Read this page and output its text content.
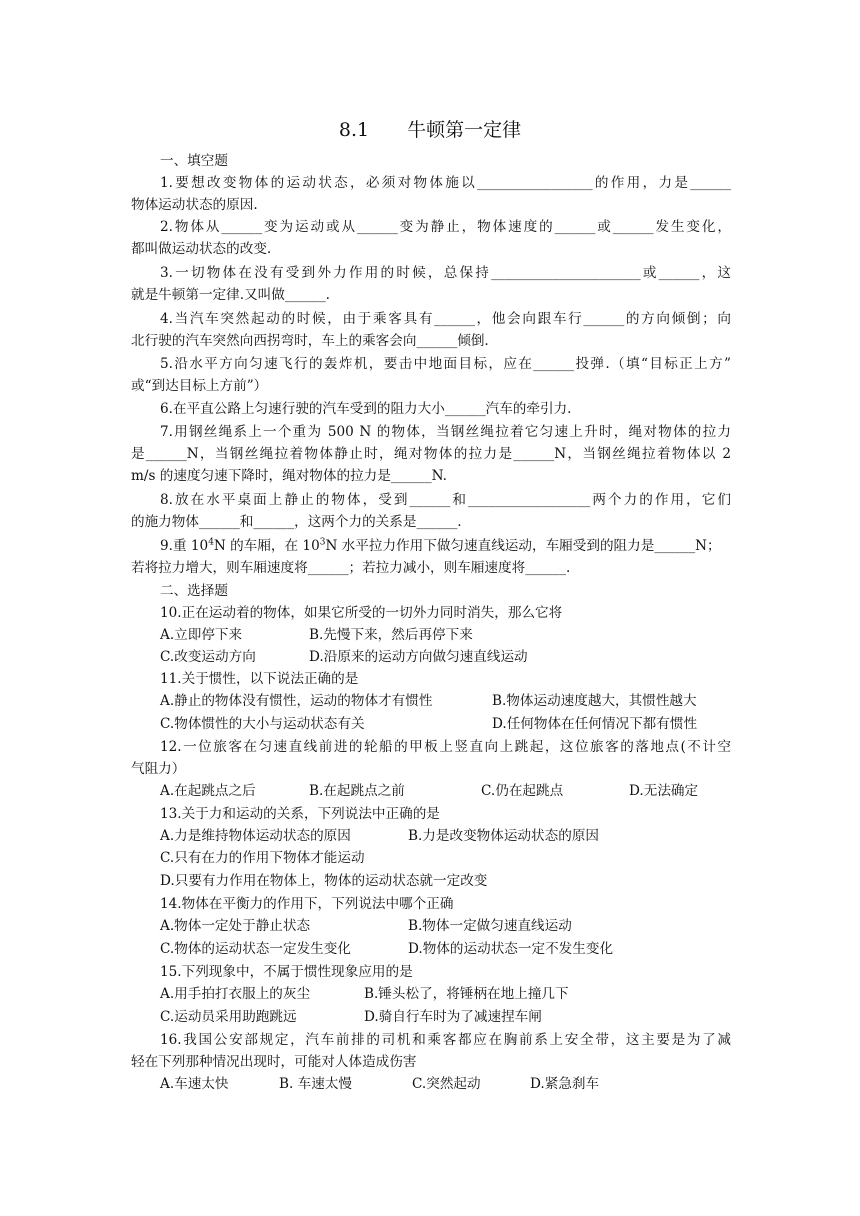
8.1　　牛顿第一定律
一、填空题
1.要想改变物体的运动状态，必须对物体施以_________________的作用，力是______
物体运动状态的原因.
2.物体从______变为运动或从______变为静止，物体速度的______或______发生变化，
都叫做运动状态的改变.
3.一切物体在没有受到外力作用的时候，总保持______________________或______，这
就是牛顿第一定律.又叫做______.
4.当汽车突然起动的时候，由于乘客具有______，他会向跟车行______的方向倾倒；向
北行驶的汽车突然向西拐弯时，车上的乘客会向______倾倒.
5.沿水平方向匀速飞行的轰炸机，要击中地面目标，应在______投弹.（填“目标正上方”
或“到达目标上方前”）
6.在平直公路上匀速行驶的汽车受到的阻力大小______汽车的牵引力.
7.用钢丝绳系上一个重为 500 N 的物体，当钢丝绳拉着它匀速上升时，绳对物体的拉力
是______N，当钢丝绳拉着物体静止时，绳对物体的拉力是______N，当钢丝绳拉着物体以 2
m/s 的速度匀速下降时，绳对物体的拉力是______N.
8.放在水平桌面上静止的物体，受到______和__________________两个力的作用，它们
的施力物体______和______，这两个力的关系是______.
9.重 $10^4N$ 的车厢，在 $10^3N$ 水平拉力作用下做匀速直线运动，车厢受到的阻力是______N；
若将拉力增大，则车厢速度将______；若拉力减小，则车厢速度将______.
二、选择题
10.正在运动着的物体，如果它所受的一切外力同时消失，那么它将
A.立即停下来	B.先慢下来，然后再停下来
C.改变运动方向	D.沿原来的运动方向做匀速直线运动
11.关于惯性，以下说法正确的是
A.静止的物体没有惯性，运动的物体才有惯性	B.物体运动速度越大，其惯性越大
C.物体惯性的大小与运动状态有关	D.任何物体在任何情况下都有惯性
12.一位旅客在匀速直线前进的轮船的甲板上竖直向上跳起，这位旅客的落地点(不计空
气阻力）
A.在起跳点之后	B.在起跳点之前	C.仍在起跳点	D.无法确定
13.关于力和运动的关系，下列说法中正确的是
A.力是维持物体运动状态的原因	B.力是改变物体运动状态的原因
C.只有在力的作用下物体才能运动
D.只要有力作用在物体上，物体的运动状态就一定改变
14.物体在平衡力的作用下，下列说法中哪个正确
A.物体一定处于静止状态	B.物体一定做匀速直线运动
C.物体的运动状态一定发生变化	D.物体的运动状态一定不发生变化
15.下列现象中，不属于惯性现象应用的是
A.用手拍打衣服上的灰尘	B.锤头松了，将锤柄在地上撞几下
C.运动员采用助跑跳远	D.骑自行车时为了减速捏车闸
16.我国公安部规定，汽车前排的司机和乘客都应在胸前系上安全带，这主要是为了减
轻在下列那种情况出现时，可能对人体造成伤害
A.车速太快	B. 车速太慢	C.突然起动	D.紧急刹车
